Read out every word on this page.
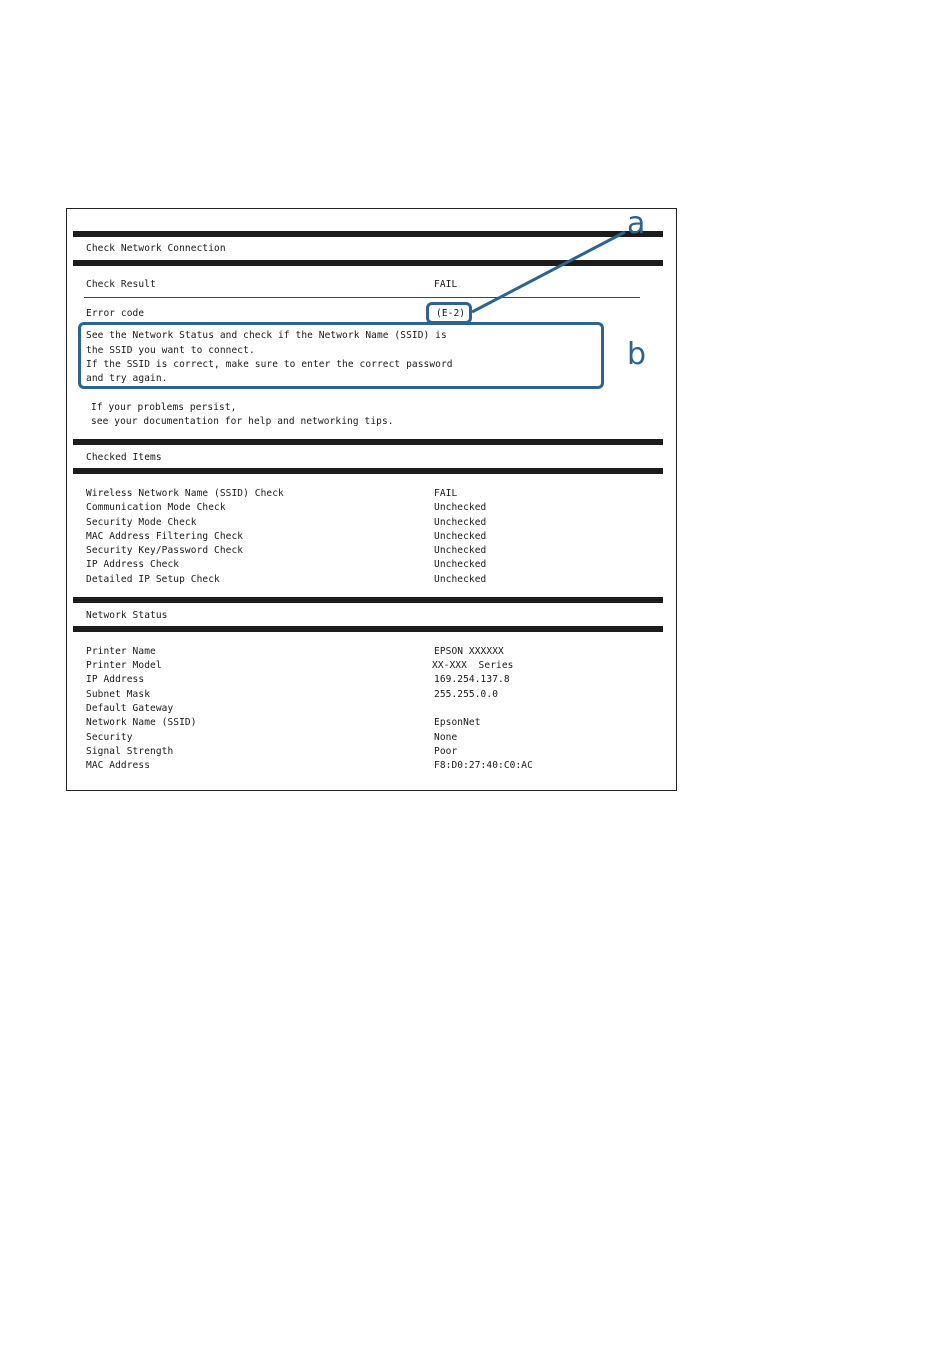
Check Network Connection
Check Result	FAIL
Error code	(E-2)
See the Network Status and check if the Network Name (SSID) is
the SSID you want to connect.
If the SSID is correct, make sure to enter the correct password
and try again.
If your problems persist,
see your documentation for help and networking tips.
Checked Items
Wireless Network Name (SSID) Check	FAIL
Communication Mode Check	Unchecked
Security Mode Check	Unchecked
MAC Address Filtering Check	Unchecked
Security Key/Password Check	Unchecked
IP Address Check	Unchecked
Detailed IP Setup Check	Unchecked
Network Status
Printer Name	EPSON XXXXXX
Printer Model	XX-XXX  Series
IP Address	169.254.137.8
Subnet Mask	255.255.0.0
Default Gateway
Network Name (SSID)	EpsonNet
Security	None
Signal Strength	Poor
MAC Address	F8:D0:27:40:C0:AC
a
b
